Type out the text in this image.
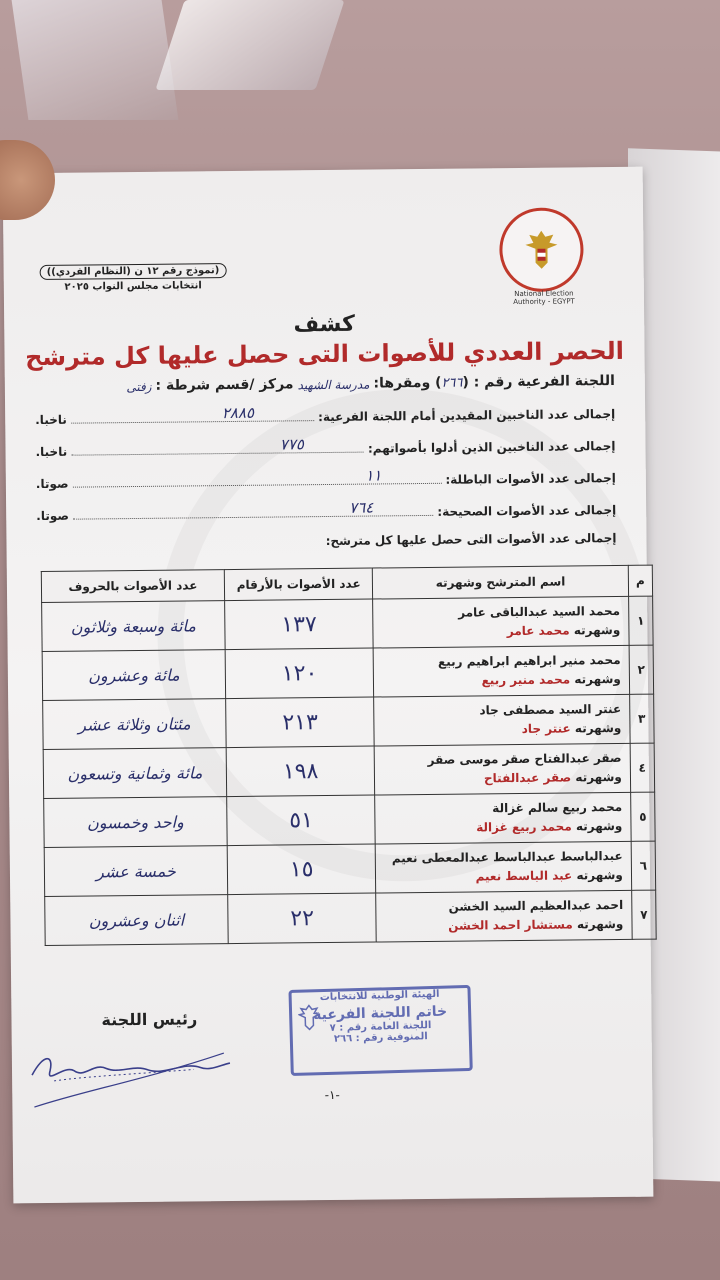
National Election Authority - EGYPT
(نموذج رقم ١٢ ن (النظام الفردي))
انتخابات مجلس النواب ٢٠٢٥
كشف
الحصر العددي للأصوات التى حصل عليها كل مترشح
اللجنة الفرعية رقم : (
٢٦٦
) ومقرها:
مدرسة الشهيد
مركز /قسم شرطة :
زفتى
إجمالى عدد الناخبين المقيدين أمام اللجنة الفرعية:
٢٨٨٥
ناخبا.
إجمالى عدد الناخبين الذين أدلوا بأصواتهم:
٧٧٥
ناخبا.
إجمالى عدد الأصوات الباطلة:
١١
صوتا.
إجمالى عدد الأصوات الصحيحة:
٧٦٤
صوتا.
إجمالى عدد الأصوات التى حصل عليها كل مترشح:
م	اسم المترشح وشهرته	عدد الأصوات بالأرقام	عدد الأصوات بالحروف
١	محمد السيد عبدالباقى عامر
وشهرته محمد عامر	١٣٧	مائة وسبعة وثلاثون
٢	محمد منير ابراهيم ابراهيم ربيع
وشهرته محمد منير ربيع	١٢٠	مائة وعشرون
٣	عنتر السيد مصطفى جاد
وشهرته عنتر جاد	٢١٣	مئتان وثلاثة عشر
٤	صقر عبدالفتاح صقر موسى صقر
وشهرته صقر عبدالفتاح	١٩٨	مائة وثمانية وتسعون
٥	محمد ربيع سالم غزالة
وشهرته محمد ربيع غزالة	٥١	واحد وخمسون
٦	عبدالباسط عبدالباسط عبدالمعطى نعيم
وشهرته عبد الباسط نعيم	١٥	خمسة عشر
٧	احمد عبدالعظيم السيد الخشن
وشهرته مستشار احمد الخشن	٢٢	اثنان وعشرون
الهيئة الوطنية للانتخابات
خاتم اللجنة الفرعية
اللجنة العامة رقم : ٧
المنوفية رقم : ٢٦٦
رئيس اللجنة
-١-
